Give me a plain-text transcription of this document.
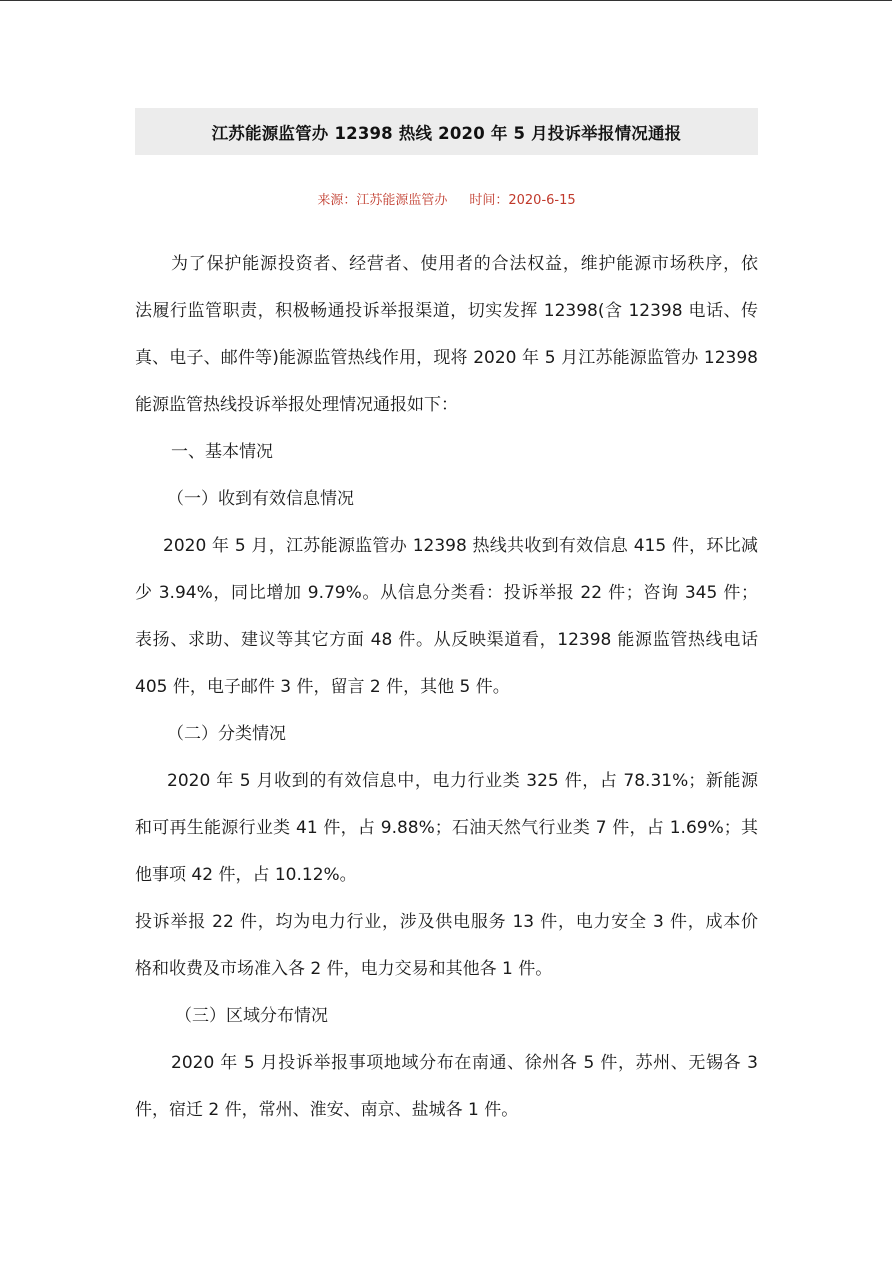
江苏能源监管办 12398 热线 2020 年 5 月投诉举报情况通报
来源：江苏能源监管办 时间：2020-6-15
为了保护能源投资者、经营者、使用者的合法权益，维护能源市场秩序，依
法履行监管职责，积极畅通投诉举报渠道，切实发挥 12398(含 12398 电话、传
真、电子、邮件等)能源监管热线作用，现将 2020 年 5 月江苏能源监管办 12398
能源监管热线投诉举报处理情况通报如下：
一、基本情况
（一）收到有效信息情况
2020 年 5 月，江苏能源监管办 12398 热线共收到有效信息 415 件，环比减
少 3.94%，同比增加 9.79%。从信息分类看：投诉举报 22 件；咨询 345 件；
表扬、求助、建议等其它方面 48 件。从反映渠道看，12398 能源监管热线电话
405 件，电子邮件 3 件，留言 2 件，其他 5 件。
（二）分类情况
2020 年 5 月收到的有效信息中，电力行业类 325 件，占 78.31%；新能源
和可再生能源行业类 41 件，占 9.88%；石油天然气行业类 7 件，占 1.69%；其
他事项 42 件，占 10.12%。
投诉举报 22 件，均为电力行业，涉及供电服务 13 件，电力安全 3 件，成本价
格和收费及市场准入各 2 件，电力交易和其他各 1 件。
（三）区域分布情况
2020 年 5 月投诉举报事项地域分布在南通、徐州各 5 件，苏州、无锡各 3
件，宿迁 2 件，常州、淮安、南京、盐城各 1 件。
